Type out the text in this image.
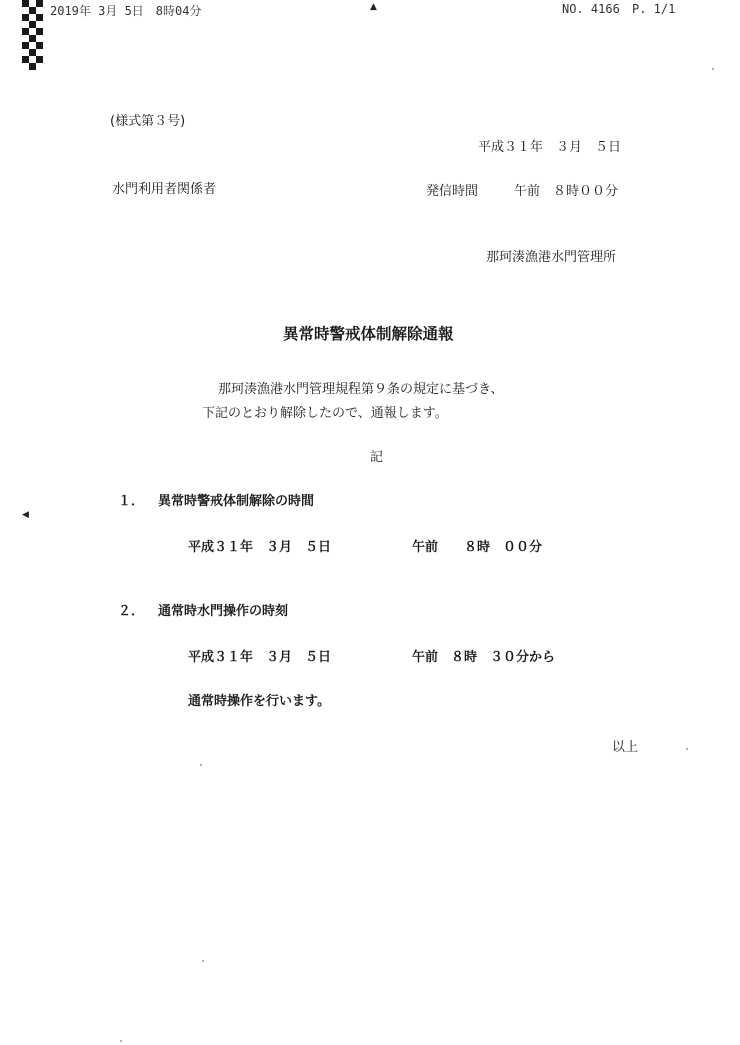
2019年 3月 5日　8時04分	▲	NO. 4166 P. 1/1
(様式第３号)
平成３１年　３月　５日
水門利用者関係者	発信時間	午前　８時００分
那珂湊漁港水門管理所
異常時警戒体制解除通報
那珂湊漁港水門管理規程第９条の規定に基づき、
下記のとおり解除したので、通報します。
記
◀
１． 異常時警戒体制解除の時間
平成３１年　３月　５日	午前　　８時　００分
２． 通常時水門操作の時刻
平成３１年　３月　５日	午前　８時　３０分から
通常時操作を行います。
以上
